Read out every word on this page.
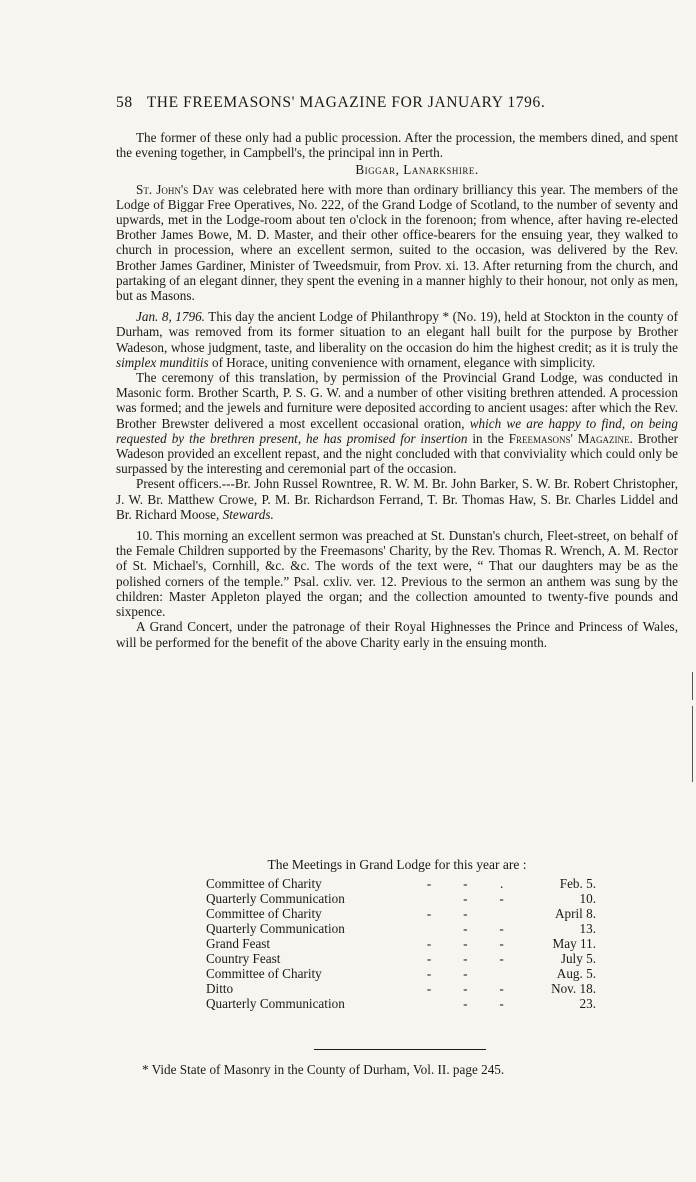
58 THE FREEMASONS' MAGAZINE FOR JANUARY 1796.

The former of these only had a public procession. After the procession, the members dined, and spent the evening together, in Campbell's, the principal inn in Perth.

Biggar, Lanarkshire.

St. John's Day was celebrated here with more than ordinary brilliancy this year. The members of the Lodge of Biggar Free Operatives, No. 222, of the Grand Lodge of Scotland, to the number of seventy and upwards, met in the Lodge-room about ten o'clock in the forenoon; from whence, after having re-elected Brother James Bowe, M. D. Master, and their other office-bearers for the ensuing year, they walked to church in procession, where an excellent sermon, suited to the occasion, was delivered by the Rev. Brother James Gardiner, Minister of Tweedsmuir, from Prov. xi. 13. After returning from the church, and partaking of an elegant dinner, they spent the evening in a manner highly to their honour, not only as men, but as Masons.

Jan. 8, 1796. This day the ancient Lodge of Philanthropy * (No. 19), held at Stockton in the county of Durham, was removed from its former situation to an elegant hall built for the purpose by Brother Wadeson, whose judgment, taste, and liberality on the occasion do him the highest credit; as it is truly the simplex munditiis of Horace, uniting convenience with ornament, elegance with simplicity.

The ceremony of this translation, by permission of the Provincial Grand Lodge, was conducted in Masonic form. Brother Scarth, P. S. G. W. and a number of other visiting brethren attended. A procession was formed; and the jewels and furniture were deposited according to ancient usages: after which the Rev. Brother Brewster delivered a most excellent occasional oration, which we are happy to find, on being requested by the brethren present, he has promised for insertion in the Freemasons' Magazine. Brother Wadeson provided an excellent repast, and the night concluded with that conviviality which could only be surpassed by the interesting and ceremonial part of the occasion.

Present officers.---Br. John Russel Rowntree, R. W. M. Br. John Barker, S. W. Br. Robert Christopher, J. W. Br. Matthew Crowe, P. M. Br. Richardson Ferrand, T. Br. Thomas Haw, S. Br. Charles Liddel and Br. Richard Moose, Stewards.

10. This morning an excellent sermon was preached at St. Dunstan's church, Fleet-street, on behalf of the Female Children supported by the Freemasons' Charity, by the Rev. Thomas R. Wrench, A. M. Rector of St. Michael's, Cornhill, &c. &c. The words of the text were, “ That our daughters may be as the polished corners of the temple.” Psal. cxliv. ver. 12. Previous to the sermon an anthem was sung by the children: Master Appleton played the organ; and the collection amounted to twenty-five pounds and sixpence.

A Grand Concert, under the patronage of their Royal Highnesses the Prince and Princess of Wales, will be performed for the benefit of the above Charity early in the ensuing month.

The Meetings in Grand Lodge for this year are :
Committee of Charity	-	-	.	Feb. 5.
Quarterly Communication	-	-	10.
Committee of Charity	-	-	April 8.
Quarterly Communication	-	-	13.
Grand Feast	-	-	-	May 11.
Country Feast	-	-	-	July 5.
Committee of Charity	-	-	Aug. 5.
Ditto	-	-	-	Nov. 18.
Quarterly Communication	-	-	23.
* Vide State of Masonry in the County of Durham, Vol. II. page 245.
